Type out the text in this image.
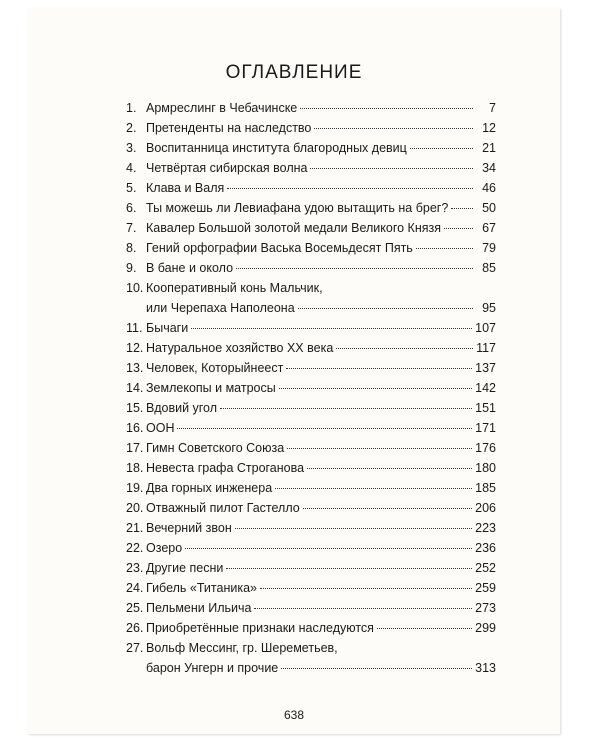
ОГЛАВЛЕНИЕ
1. Армреслинг в Чебачинске	7
2. Претенденты на наследство	12
3. Воспитанница института благородных девиц	21
4. Четвёртая сибирская волна	34
5. Клава и Валя	46
6. Ты можешь ли Левиафана удою вытащить на брег?	50
7. Кавалер Большой золотой медали Великого Князя	67
8. Гений орфографии Васька Восемьдесят Пять	79
9. В бане и около	85
10. Кооперативный конь Мальчик,
или Черепаха Наполеона	95
11. Бычаги	107
12. Натуральное хозяйство XX века	117
13. Человек, Которыйнеест	137
14. Землекопы и матросы	142
15. Вдовий угол	151
16. ООН	171
17. Гимн Советского Союза	176
18. Невеста графа Строганова	180
19. Два горных инженера	185
20. Отважный пилот Гастелло	206
21. Вечерний звон	223
22. Озеро	236
23. Другие песни	252
24. Гибель «Титаника»	259
25. Пельмени Ильича	273
26. Приобретённые признаки наследуются	299
27. Вольф Мессинг, гр. Шереметьев,
барон Унгерн и прочие	313
638
